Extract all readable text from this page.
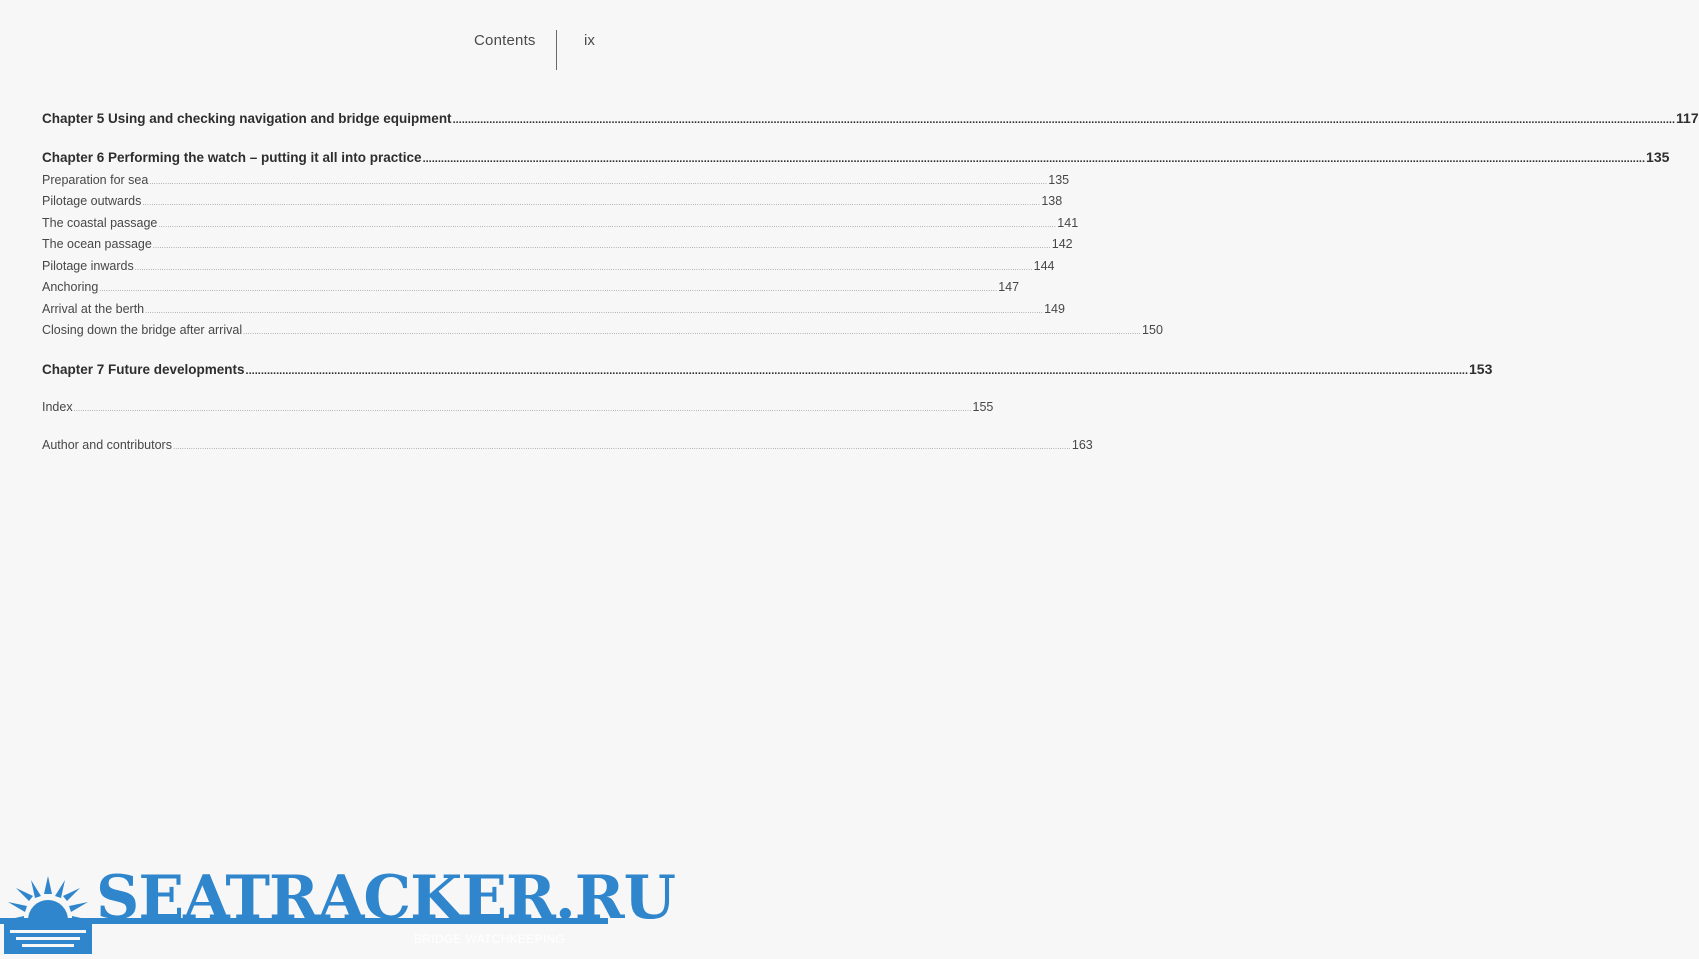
Contents	ix
Chapter 5 Using and checking navigation and bridge equipment ................................................................................................................................................................................................................................................................................................................................................................................................................ 117
Chapter 6 Performing the watch – putting it all into practice ................................................................................................................................................................................................................................................................................................................................................................................................................ 135
Preparation for sea ................................................................................................................................................................................................................................................................................................................................................................................................................ 135
Pilotage outwards ................................................................................................................................................................................................................................................................................................................................................................................................................ 138
The coastal passage ................................................................................................................................................................................................................................................................................................................................................................................................................ 141
The ocean passage ................................................................................................................................................................................................................................................................................................................................................................................................................ 142
Pilotage inwards ................................................................................................................................................................................................................................................................................................................................................................................................................ 144
Anchoring ................................................................................................................................................................................................................................................................................................................................................................................................................ 147
Arrival at the berth ................................................................................................................................................................................................................................................................................................................................................................................................................ 149
Closing down the bridge after arrival ................................................................................................................................................................................................................................................................................................................................................................................................................ 150
Chapter 7 Future developments ................................................................................................................................................................................................................................................................................................................................................................................................................ 153
Index ................................................................................................................................................................................................................................................................................................................................................................................................................ 155
Author and contributors ................................................................................................................................................................................................................................................................................................................................................................................................................ 163
SEATRACKER.RU
BRIDGE WATCHKEEPING
